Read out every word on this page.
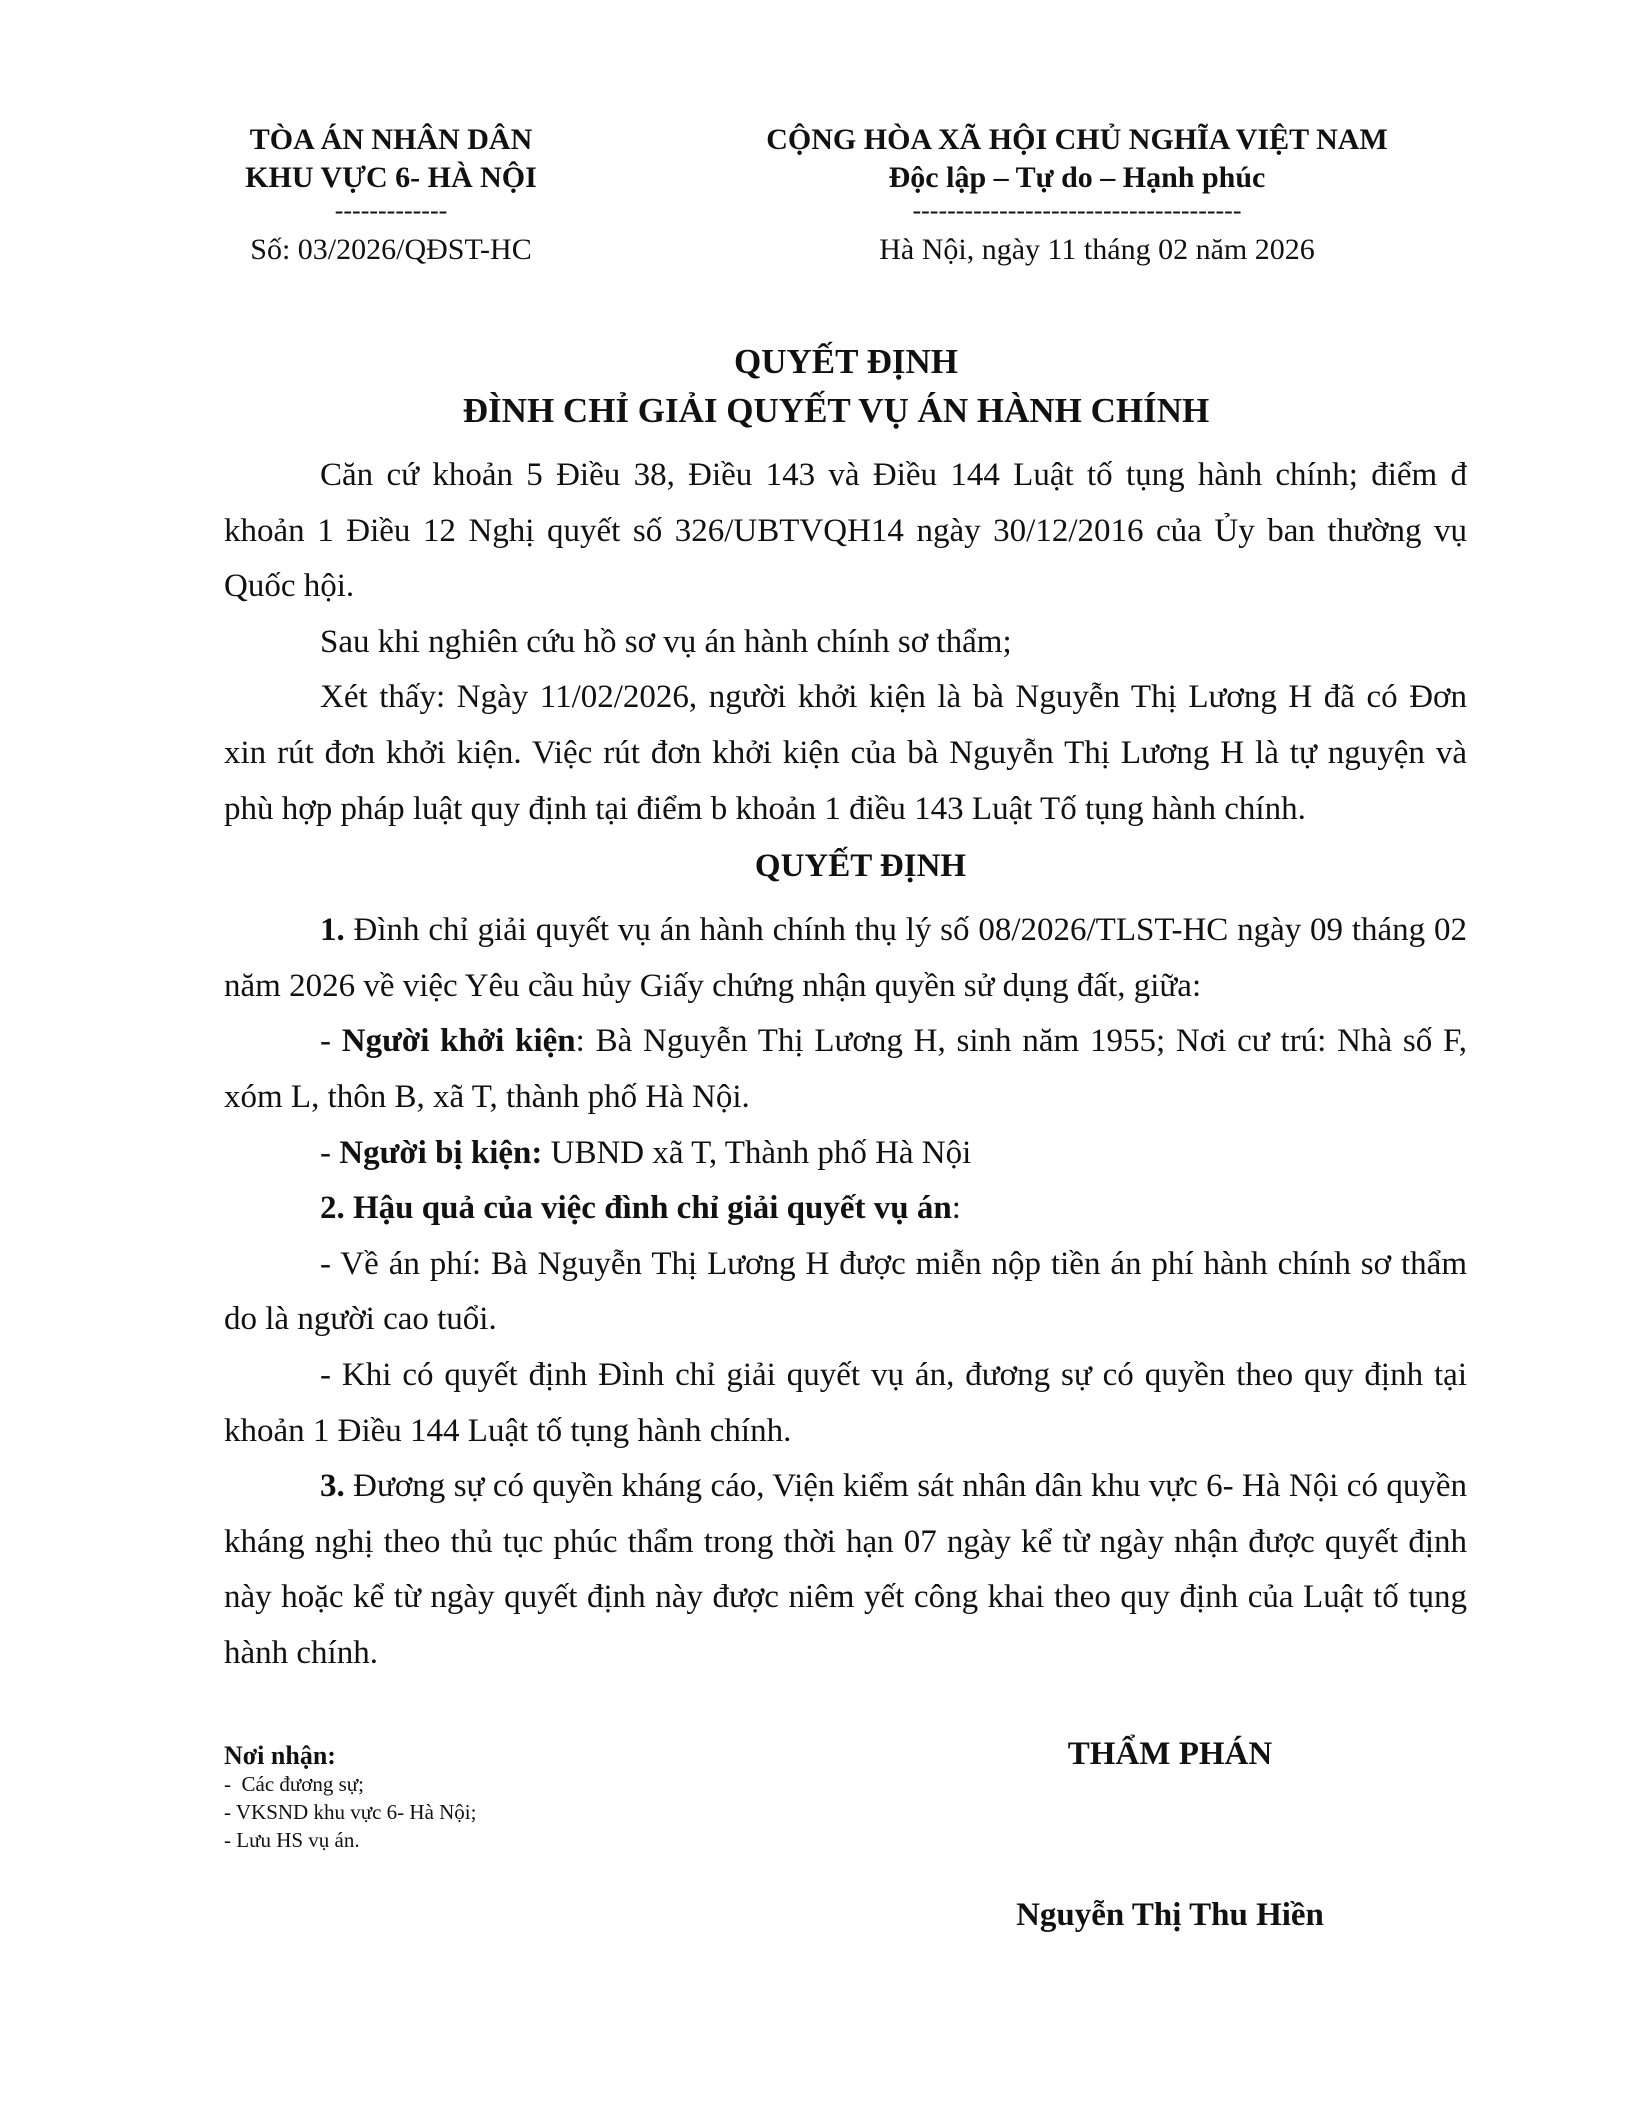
TÒA ÁN NHÂN DÂN
KHU VỰC 6- HÀ NỘI
-------------
Số: 03/2026/QĐST-HC
CỘNG HÒA XÃ HỘI CHỦ NGHĨA VIỆT NAM
Độc lập – Tự do – Hạnh phúc
--------------------------------------
Hà Nội, ngày 11 tháng 02 năm 2026
QUYẾT ĐỊNH
ĐÌNH CHỈ GIẢI QUYẾT VỤ ÁN HÀNH CHÍNH

Căn cứ khoản 5 Điều 38, Điều 143 và Điều 144 Luật tố tụng hành chính; điểm đ khoản 1 Điều 12 Nghị quyết số 326/UBTVQH14 ngày 30/12/2016 của Ủy ban thường vụ Quốc hội.

Sau khi nghiên cứu hồ sơ vụ án hành chính sơ thẩm;

Xét thấy: Ngày 11/02/2026, người khởi kiện là bà Nguyễn Thị Lương H đã có Đơn xin rút đơn khởi kiện. Việc rút đơn khởi kiện của bà Nguyễn Thị Lương H là tự nguyện và phù hợp pháp luật quy định tại điểm b khoản 1 điều 143 Luật Tố tụng hành chính.

QUYẾT ĐỊNH

1. Đình chỉ giải quyết vụ án hành chính thụ lý số 08/2026/TLST-HC ngày 09 tháng 02 năm 2026 về việc Yêu cầu hủy Giấy chứng nhận quyền sử dụng đất, giữa:

- Người khởi kiện: Bà Nguyễn Thị Lương H, sinh năm 1955; Nơi cư trú: Nhà số F, xóm L, thôn B, xã T, thành phố Hà Nội.

- Người bị kiện: UBND xã T, Thành phố Hà Nội

2. Hậu quả của việc đình chỉ giải quyết vụ án:

- Về án phí: Bà Nguyễn Thị Lương H được miễn nộp tiền án phí hành chính sơ thẩm do là người cao tuổi.

- Khi có quyết định Đình chỉ giải quyết vụ án, đương sự có quyền theo quy định tại khoản 1 Điều 144 Luật tố tụng hành chính.

3. Đương sự có quyền kháng cáo, Viện kiểm sát nhân dân khu vực 6- Hà Nội có quyền kháng nghị theo thủ tục phúc thẩm trong thời hạn 07 ngày kể từ ngày nhận được quyết định này hoặc kể từ ngày quyết định này được niêm yết công khai theo quy định của Luật tố tụng hành chính.

Nơi nhận:
-  Các đương sự;
- VKSND khu vực 6- Hà Nội;
- Lưu HS vụ án.
THẨM PHÁN
Nguyễn Thị Thu Hiền
